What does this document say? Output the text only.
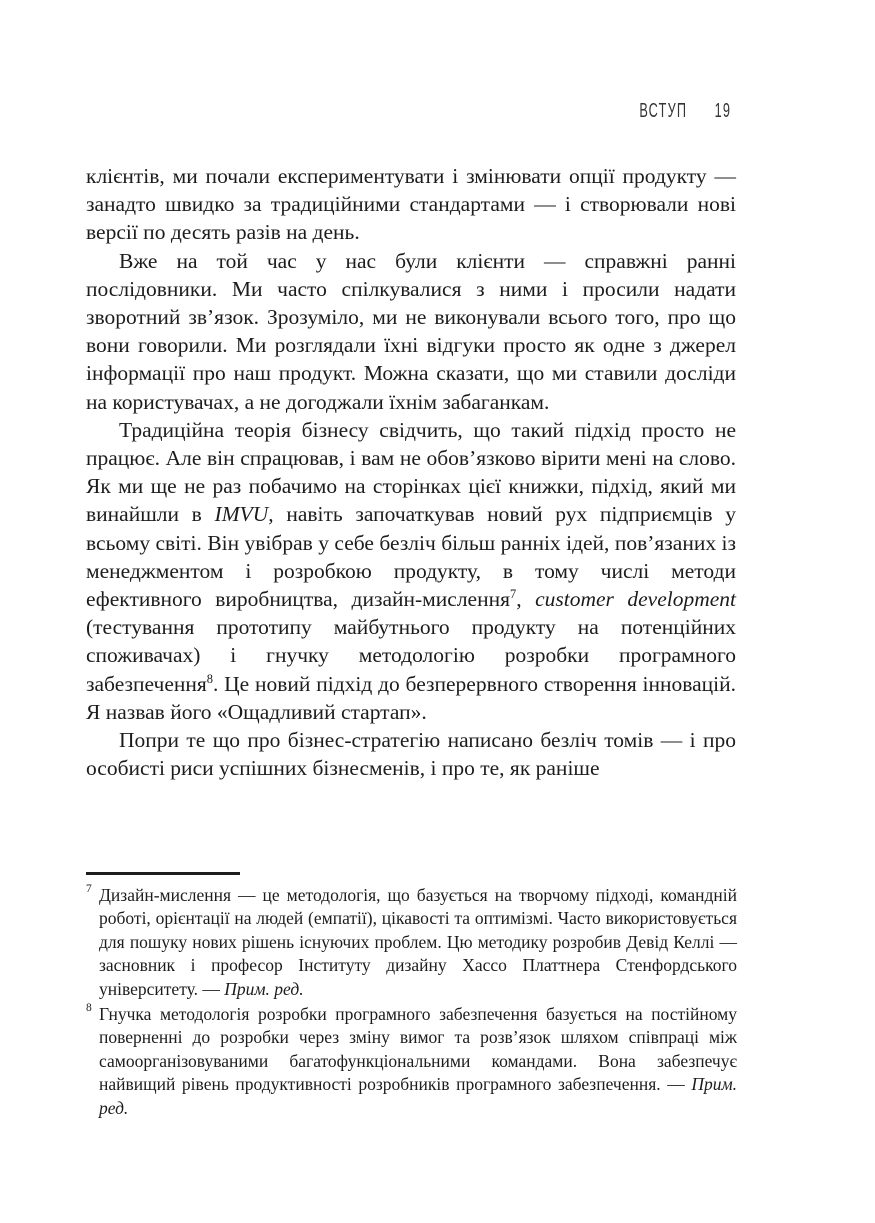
ВСТУП 19

клієнтів, ми почали експериментувати і змінювати опції продукту — занадто швидко за традиційними стандартами — і створювали нові версії по десять разів на день.

Вже на той час у нас були клієнти — справжні ранні послідовники. Ми часто спілкувалися з ними і просили надати зворотний зв’язок. Зрозуміло, ми не виконували всього того, про що вони говорили. Ми розглядали їхні відгуки просто як одне з джерел інформації про наш продукт. Можна сказати, що ми ставили досліди на користувачах, а не догоджали їхнім забаганкам.

Традиційна теорія бізнесу свідчить, що такий підхід просто не працює. Але він спрацював, і вам не обов’язково вірити мені на слово. Як ми ще не раз побачимо на сторінках цієї книжки, підхід, який ми винайшли в IMVU, навіть започаткував новий рух підприємців у всьому світі. Він увібрав у себе безліч більш ранніх ідей, пов’язаних із менеджментом і розробкою продукту, в тому числі методи ефективного виробництва, дизайн-мислення$^7$, customer development (тестування прототипу майбутнього продукту на потенційних споживачах) і гнучку методологію розробки програмного забезпечення$^8$. Це новий підхід до безперервного створення інновацій. Я назвав його «Ощадливий стартап».

Попри те що про бізнес-стратегію написано безліч томів — і про особисті риси успішних бізнесменів, і про те, як раніше

7 Дизайн-мислення — це методологія, що базується на творчому підході, командній роботі, орієнтації на людей (емпатії), цікавості та оптимізмі. Часто використовується для пошуку нових рішень існуючих проблем. Цю методику розробив Девід Келлі — засновник і професор Інституту дизайну Хассо Платтнера Стенфордського університету. — Прим. ред.
8 Гнучка методологія розробки програмного забезпечення базується на постійному поверненні до розробки через зміну вимог та розв’язок шляхом співпраці між самоорганізовуваними багатофункціональними командами. Вона забезпечує найвищий рівень продуктивності розробників програмного забезпечення. — Прим. ред.
